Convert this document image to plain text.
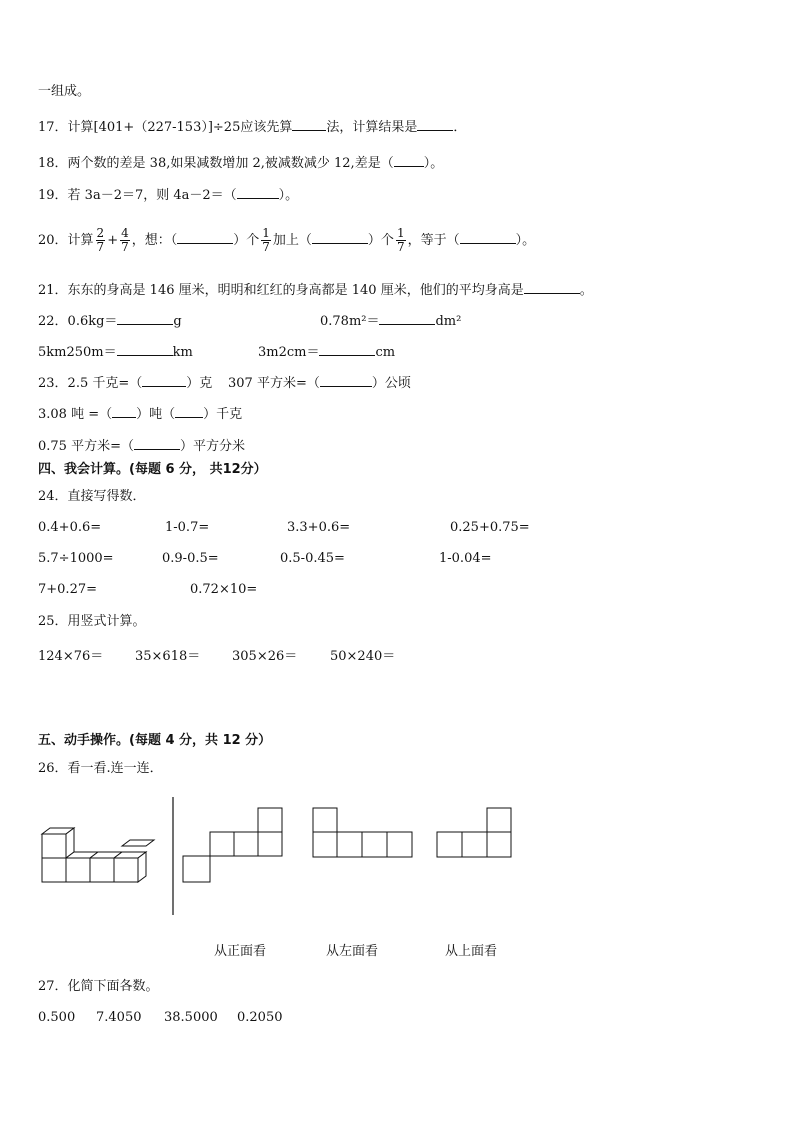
一组成。
17．计算[401+（227-153）]÷25应该先算	法，计算结果是	．
18．两个数的差是 38,如果减数增加 2,被减数减少 12,差是（ ）。
19．若 3a－2＝7，则 4a－2＝（	）。
20．计算 $\frac{2}{7} + \frac{4}{7}$ ，想：（	）个 $\frac{1}{7}$ 加上（	）个 $\frac{1}{7}$ ，等于（	）。
21．东东的身高是 146 厘米，明明和红红的身高都是 140 厘米，他们的平均身高是	。
22．0.6kg＝	g	0.78m²＝	dm²
5km250m＝	km	3m2cm＝	cm
23．2.5 千克=（	）克 307 平方米=（	）公顷
3.08 吨 =（ ）吨（ ）千克
0.75 平方米=（	）平方分米
四、我会计算。(每题 6 分， 共12分）
24．直接写得数．
0.4+0.6=	1-0.7=	3.3+0.6=	0.25+0.75=
5.7÷1000=	0.9-0.5=	0.5-0.45=	1-0.04=
7+0.27=	0.72×10=
25．用竖式计算。
124×76＝ 35×618＝ 305×26＝	50×240＝
五、动手操作。(每题 4 分，共 12 分）
26．看一看.连一连．
从正面看	从左面看	从上面看
27．化简下面各数。
0.500 7.4050 38.5000 0.2050
